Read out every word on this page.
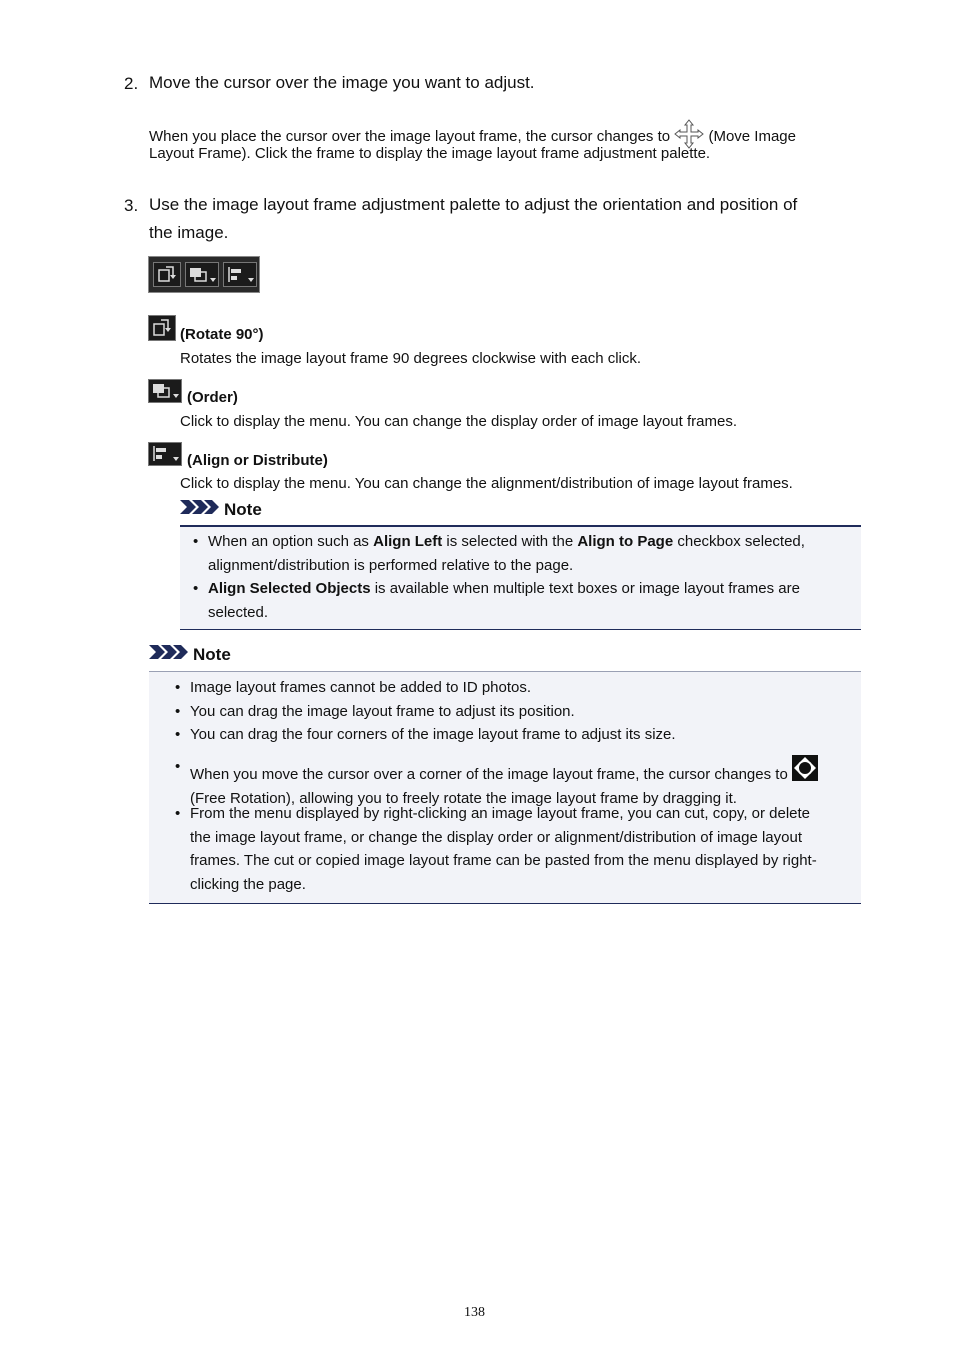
2. Move the cursor over the image you want to adjust.
When you place the cursor over the image layout frame, the cursor changes to	(Move Image
Layout Frame). Click the frame to display the image layout frame adjustment palette.
3. Use the image layout frame adjustment palette to adjust the orientation and position of
the image.
(Rotate 90°)
Rotates the image layout frame 90 degrees clockwise with each click.
(Order)
Click to display the menu. You can change the display order of image layout frames.
(Align or Distribute)
Click to display the menu. You can change the alignment/distribution of image layout frames.
Note
• When an option such as Align Left is selected with the Align to Page checkbox selected,
alignment/distribution is performed relative to the page.
• Align Selected Objects is available when multiple text boxes or image layout frames are
selected.
Note
• Image layout frames cannot be added to ID photos.
• You can drag the image layout frame to adjust its position.
• You can drag the four corners of the image layout frame to adjust its size.
• When you move the cursor over a corner of the image layout frame, the cursor changes to
(Free Rotation), allowing you to freely rotate the image layout frame by dragging it.
• From the menu displayed by right-clicking an image layout frame, you can cut, copy, or delete
the image layout frame, or change the display order or alignment/distribution of image layout
frames. The cut or copied image layout frame can be pasted from the menu displayed by right-
clicking the page.
138
